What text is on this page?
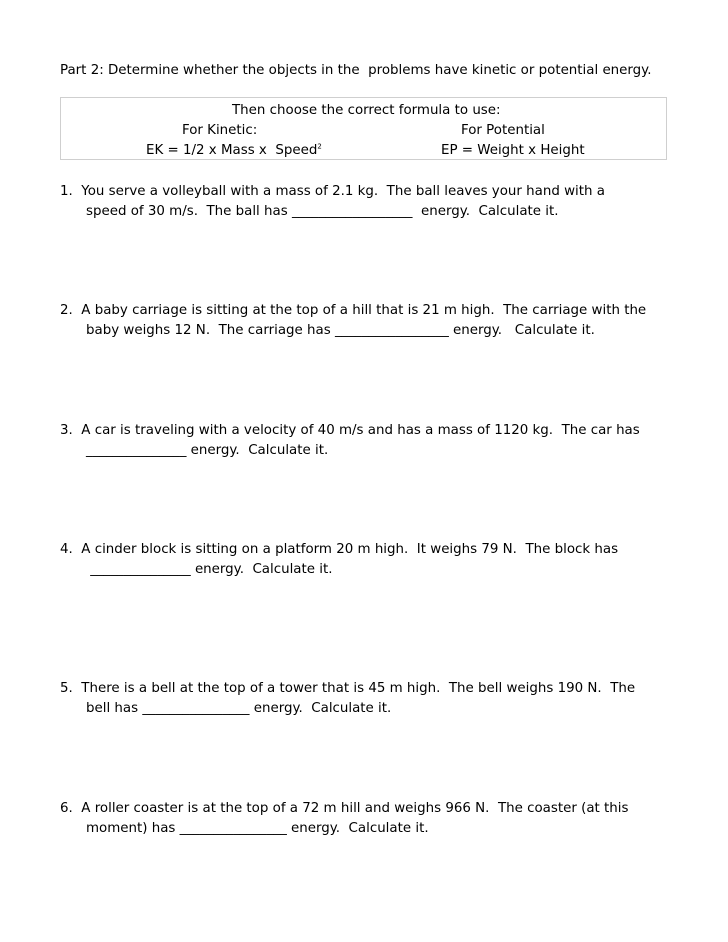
Part 2: Determine whether the objects in the  problems have kinetic or potential energy.
Then choose the correct formula to use:
For Kinetic:	For Potential
EK = 1/2 x Mass x  Speed$^2$	EP = Weight x Height
1.  You serve a volleyball with a mass of 2.1 kg.  The ball leaves your hand with a
speed of 30 m/s.  The ball has __________________  energy.  Calculate it.
2.  A baby carriage is sitting at the top of a hill that is 21 m high.  The carriage with the
baby weighs 12 N.  The carriage has _________________ energy.   Calculate it.
3.  A car is traveling with a velocity of 40 m/s and has a mass of 1120 kg.  The car has
_______________ energy.  Calculate it.
4.  A cinder block is sitting on a platform 20 m high.  It weighs 79 N.  The block has
_______________ energy.  Calculate it.
5.  There is a bell at the top of a tower that is 45 m high.  The bell weighs 190 N.  The
bell has ________________ energy.  Calculate it.
6.  A roller coaster is at the top of a 72 m hill and weighs 966 N.  The coaster (at this
moment) has ________________ energy.  Calculate it.
